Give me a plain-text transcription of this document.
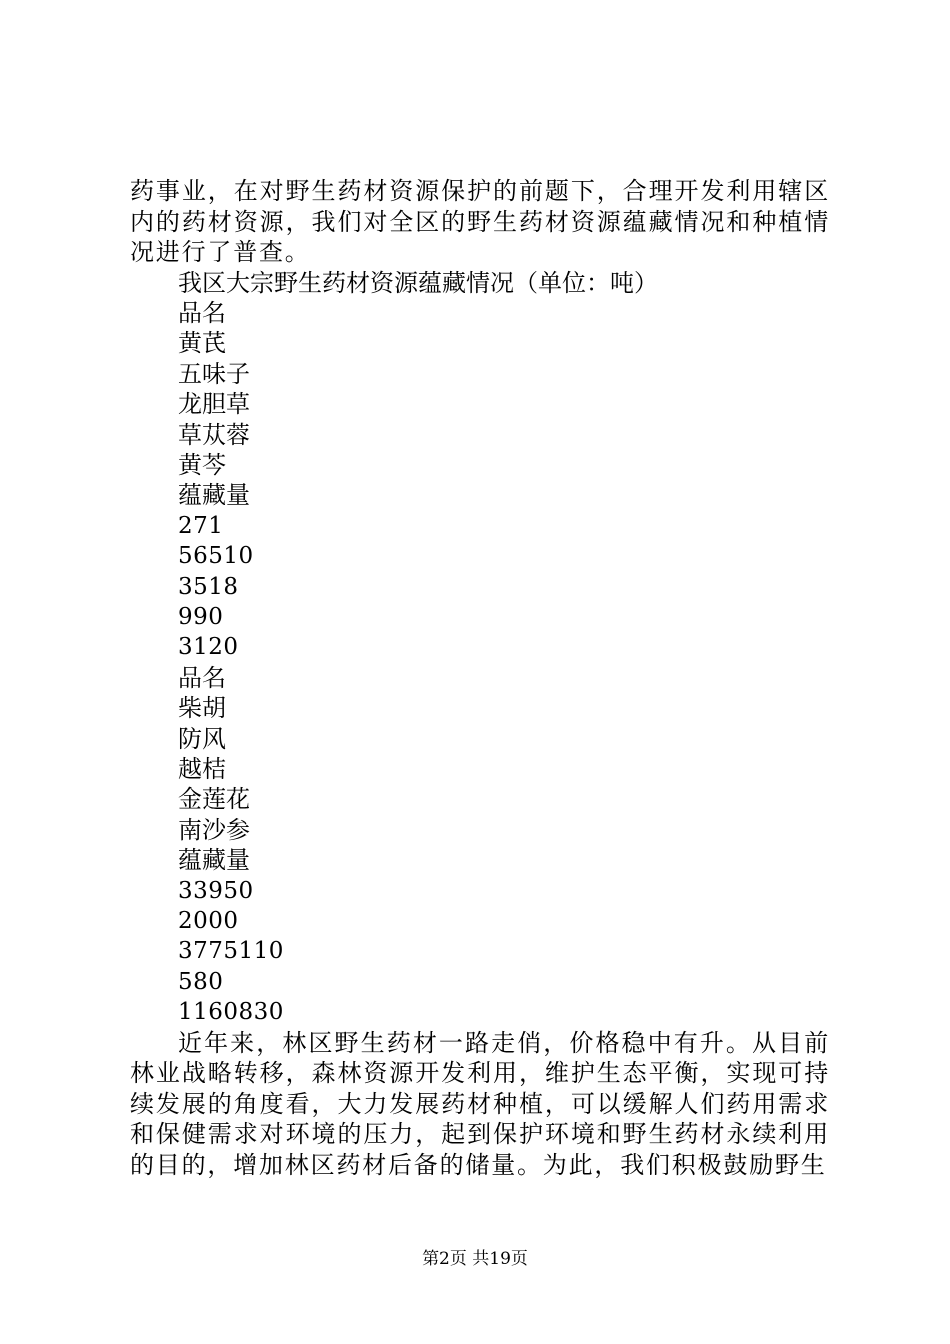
药事业，在对野生药材资源保护的前题下，合理开发利用辖区内的药材资源，我们对全区的野生药材资源蕴藏情况和种植情况进行了普查。

我区大宗野生药材资源蕴藏情况（单位：吨）

品名

黄芪

五味子

龙胆草

草苁蓉

黄芩

蕴藏量

271

56510

3518

990

3120

品名

柴胡

防风

越桔

金莲花

南沙参

蕴藏量

33950

2000

3775110

580

1160830

近年来，林区野生药材一路走俏，价格稳中有升。从目前林业战略转移，森林资源开发利用，维护生态平衡，实现可持续发展的角度看，大力发展药材种植，可以缓解人们药用需求和保健需求对环境的压力，起到保护环境和野生药材永续利用的目的，增加林区药材后备的储量。为此，我们积极鼓励野生

第2页 共19页
